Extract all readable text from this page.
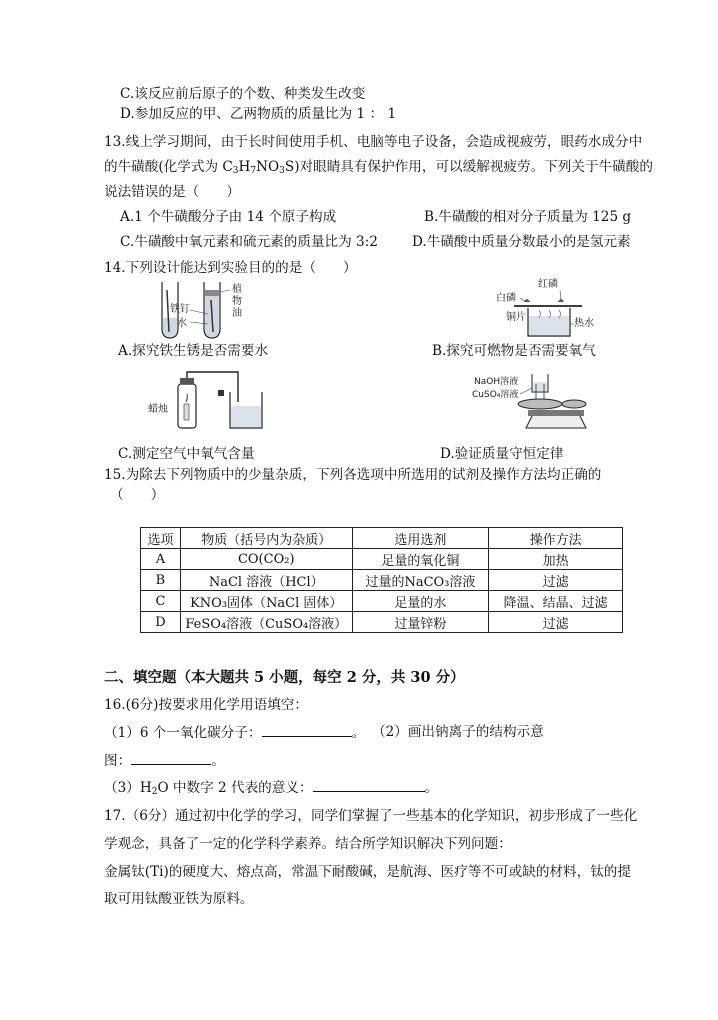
C.该反应前后原子的个数、种类发生改变
D.参加反应的甲、乙两物质的质量比为 1 ： 1
13.线上学习期间，由于长时间使用手机、电脑等电子设备，会造成视疲劳，眼药水成分中
的牛磺酸(化学式为 $C_3H_7NO_3S$)对眼睛具有保护作用，可以缓解视疲劳。下列关于牛磺酸的
说法错误的是（　　）
A.1 个牛磺酸分子由 14 个原子构成	B.牛磺酸的相对分子质量为 125 g
C.牛磺酸中氧元素和硫元素的质量比为 3:2	D.牛磺酸中质量分数最小的是氢元素
14.下列设计能达到实验目的的是（　　）
植
物
油
铁钉
水
红磷
白磷
铜片
热水
A.探究铁生锈是否需要水	B.探究可燃物是否需要氧气
蜡烛
NaOH溶液
CuSO₄溶液
C.测定空气中氧气含量	D.验证质量守恒定律
15.为除去下列物质中的少量杂质，下列各选项中所选用的试剂及操作方法均正确的
（　　）
选项	物质（括号内为杂质）	选用选剂	操作方法
A	CO(CO₂)	足量的氧化铜	加热
B	NaCl 溶液（HCl）	过量的NaCO₃溶液	过滤
C	KNO₃固体（NaCl 固体）	足量的水	降温、结晶、过滤
D	FeSO₄溶液（CuSO₄溶液）	过量锌粉	过滤
二、填空题（本大题共 5 小题，每空 2 分，共 30 分）
16.(6分)按要求用化学用语填空：
（1）6 个一氧化碳分子：	。 （2）画出钠离子的结构示意
图：	。
$(3)H_2O$ 中数字 2 代表的意义：	。
17.（6分）通过初中化学的学习，同学们掌握了一些基本的化学知识，初步形成了一些化
学观念，具备了一定的化学科学素养。结合所学知识解决下列问题：
金属钛(Ti)的硬度大、熔点高，常温下耐酸碱，是航海、医疗等不可或缺的材料，钛的提
取可用钛酸亚铁为原料。
